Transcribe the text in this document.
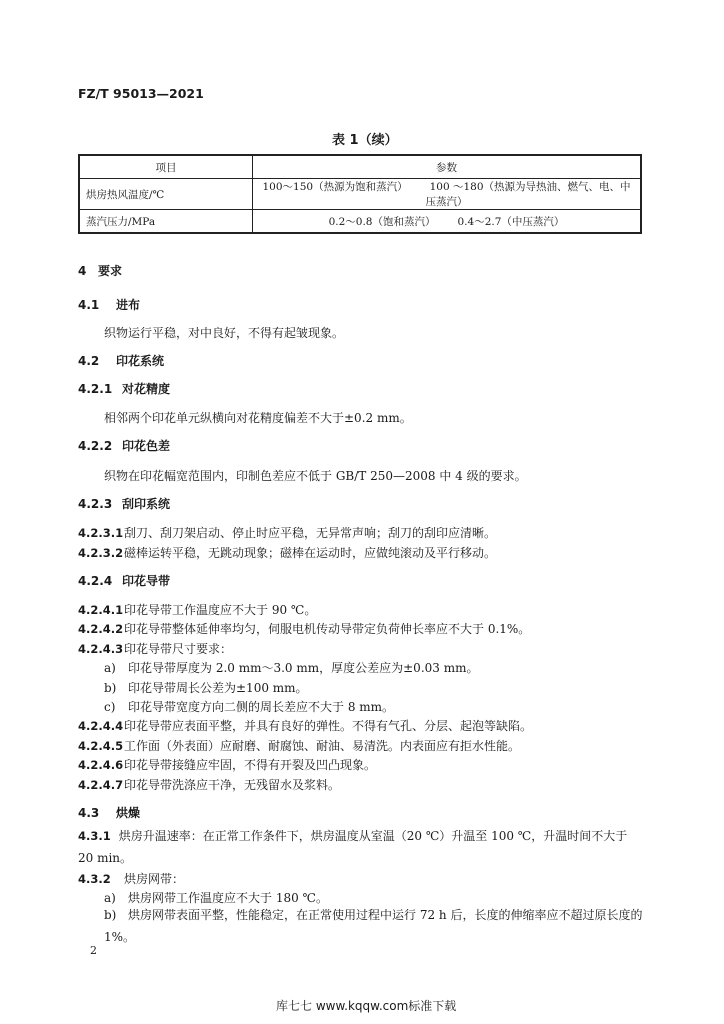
FZ/T 95013—2021
表 1（续）
项目	参数
烘房热风温度/℃	100～150（热源为饱和蒸汽） 100 ～180（热源为导热油、燃气、电、中压蒸汽）
蒸汽压力/MPa	0.2～0.8（饱和蒸汽） 0.4～2.7（中压蒸汽）
4 要求
4.1 进布
织物运行平稳，对中良好，不得有起皱现象。
4.2 印花系统
4.2.1 对花精度
相邻两个印花单元纵横向对花精度偏差不大于±0.2 mm。
4.2.2 印花色差
织物在印花幅宽范围内，印制色差应不低于 GB/T 250—2008 中 4 级的要求。
4.2.3 刮印系统
4.2.3.1刮刀、刮刀架启动、停止时应平稳，无异常声响；刮刀的刮印应清晰。
4.2.3.2磁棒运转平稳，无跳动现象；磁棒在运动时，应做纯滚动及平行移动。
4.2.4 印花导带
4.2.4.1印花导带工作温度应不大于 90 ℃。
4.2.4.2印花导带整体延伸率均匀，伺服电机传动导带定负荷伸长率应不大于 0.1%。
4.2.4.3印花导带尺寸要求：
a) 印花导带厚度为 2.0 mm～3.0 mm，厚度公差应为±0.03 mm。
b) 印花导带周长公差为±100 mm。
c) 印花导带宽度方向二侧的周长差应不大于 8 mm。
4.2.4.4印花导带应表面平整，并具有良好的弹性。不得有气孔、分层、起泡等缺陷。
4.2.4.5工作面（外表面）应耐磨、耐腐蚀、耐油、易清洗。内表面应有拒水性能。
4.2.4.6印花导带接缝应牢固，不得有开裂及凹凸现象。
4.2.4.7印花导带洗涤应干净，无残留水及浆料。
4.3 烘燥
4.3.1 烘房升温速率：在正常工作条件下，烘房温度从室温（20 ℃）升温至 100 ℃，升温时间不大于 20 min。
4.3.2 烘房网带：
a) 烘房网带工作温度应不大于 180 ℃。
b) 烘房网带表面平整，性能稳定，在正常使用过程中运行 72 h 后，长度的伸缩率应不超过原长度的 1%。
2
库七七 www.kqqw.com标准下载
